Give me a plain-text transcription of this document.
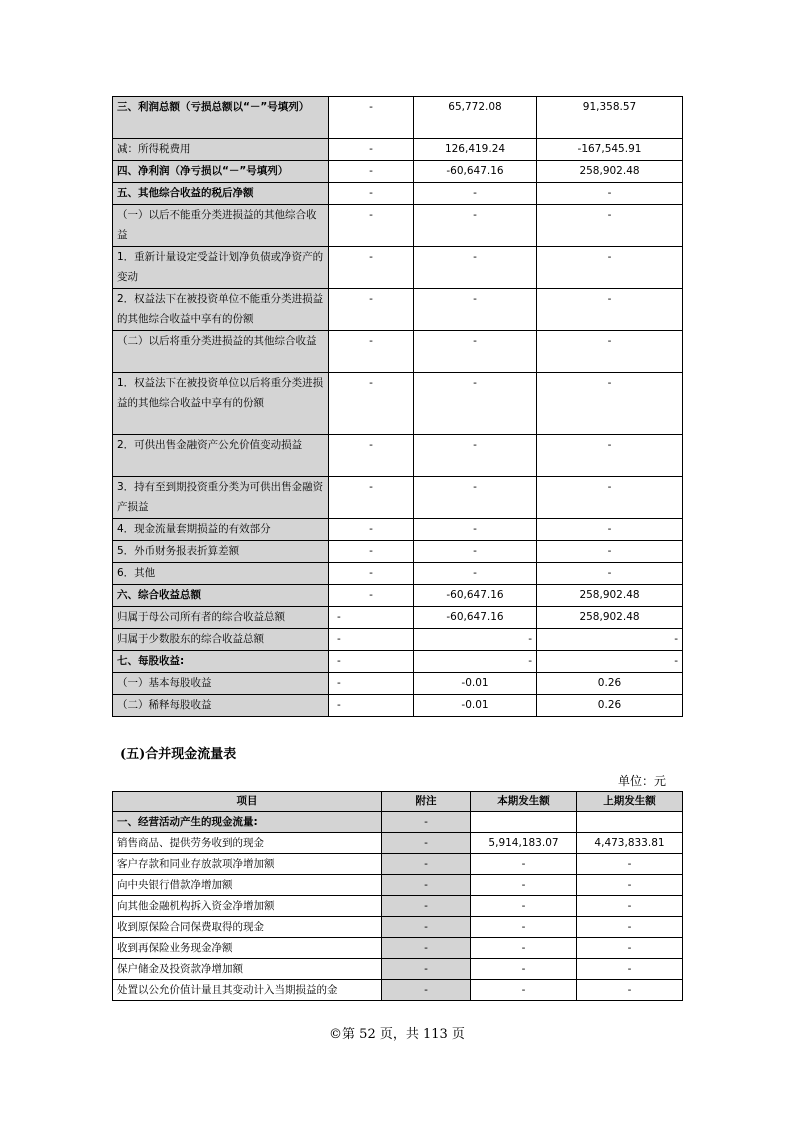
三、利润总额（亏损总额以“－”号填列）	-	65,772.08	91,358.57
减：所得税费用	-	126,419.24	-167,545.91
四、净利润（净亏损以“－”号填列）	-	-60,647.16	258,902.48
五、其他综合收益的税后净额	-	-	-
（一）以后不能重分类进损益的其他综合收益	-	-	-
1．重新计量设定受益计划净负债或净资产的变动	-	-	-
2．权益法下在被投资单位不能重分类进损益的其他综合收益中享有的份额	-	-	-
（二）以后将重分类进损益的其他综合收益	-	-	-
1．权益法下在被投资单位以后将重分类进损益的其他综合收益中享有的份额	-	-	-
2．可供出售金融资产公允价值变动损益	-	-	-
3．持有至到期投资重分类为可供出售金融资产损益	-	-	-
4．现金流量套期损益的有效部分	-	-	-
5．外币财务报表折算差额	-	-	-
6．其他	-	-	-
六、综合收益总额	-	-60,647.16	258,902.48
归属于母公司所有者的综合收益总额	-	-60,647.16	258,902.48
归属于少数股东的综合收益总额	-	-	-
七、每股收益:	-	-	-
（一）基本每股收益	-	-0.01	0.26
（二）稀释每股收益	-	-0.01	0.26
(五)合并现金流量表
单位：元
项目	附注	本期发生额	上期发生额
一、经营活动产生的现金流量:	-		
销售商品、提供劳务收到的现金	-	5,914,183.07	4,473,833.81
客户存款和同业存放款项净增加额	-	-	-
向中央银行借款净增加额	-	-	-
向其他金融机构拆入资金净增加额	-	-	-
收到原保险合同保费取得的现金	-	-	-
收到再保险业务现金净额	-	-	-
保户储金及投资款净增加额	-	-	-
处置以公允价值计量且其变动计入当期损益的金	-	-	-
©第 52 页，共 113 页
